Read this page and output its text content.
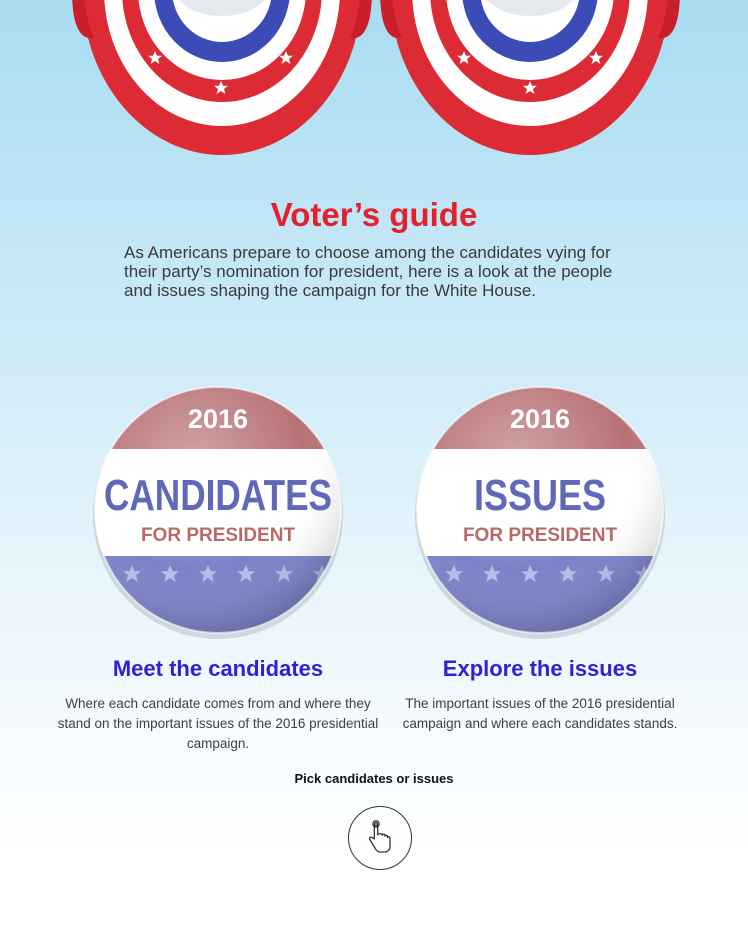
Voter’s guide

As Americans prepare to choose among the candidates vying for their party’s nomination for president, here is a look at the people and issues shaping the campaign for the White House.

2016
CANDIDATES
FOR PRESIDENT
Meet the candidates

Where each candidate comes from and where they stand on the important issues of the 2016 presidential campaign.

2016
ISSUES
FOR PRESIDENT
Explore the issues

The important issues of the 2016 presidential campaign and where each candidates stands.

Pick candidates or issues
